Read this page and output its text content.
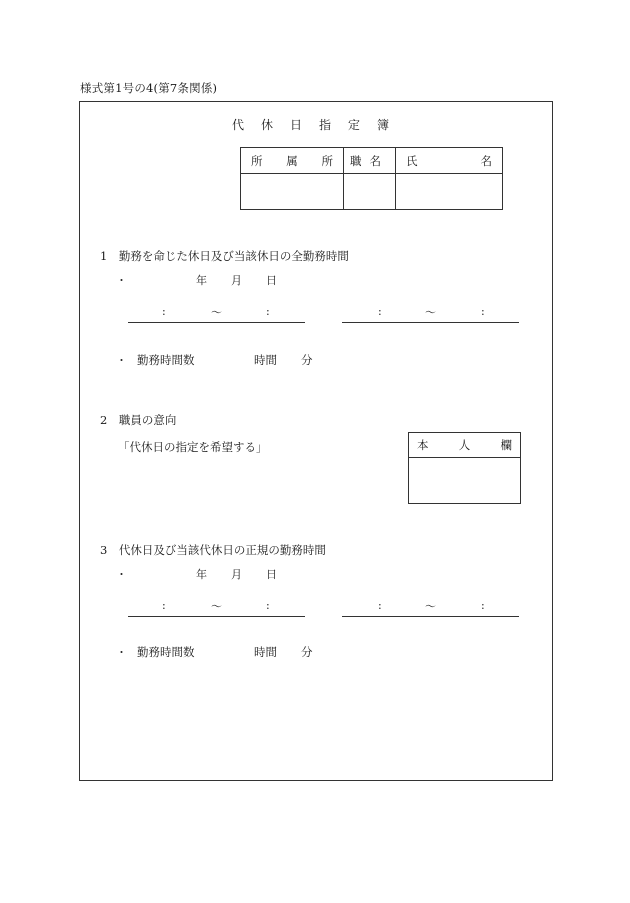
様式第1号の4(第7条関係)
代休日指定簿
所属所	職名	氏 名

1　勤務を命じた休日及び当該休日の全勤務時間
・	年 月 日
:	〜	:	:	〜	:
・ 勤務時間数	時間 分
2　職員の意向
「代休日の指定を希望する」	本	人	欄
3　代休日及び当該代休日の正規の勤務時間
・	年 月 日
:	〜	:	:	〜	:
・ 勤務時間数	時間 分
